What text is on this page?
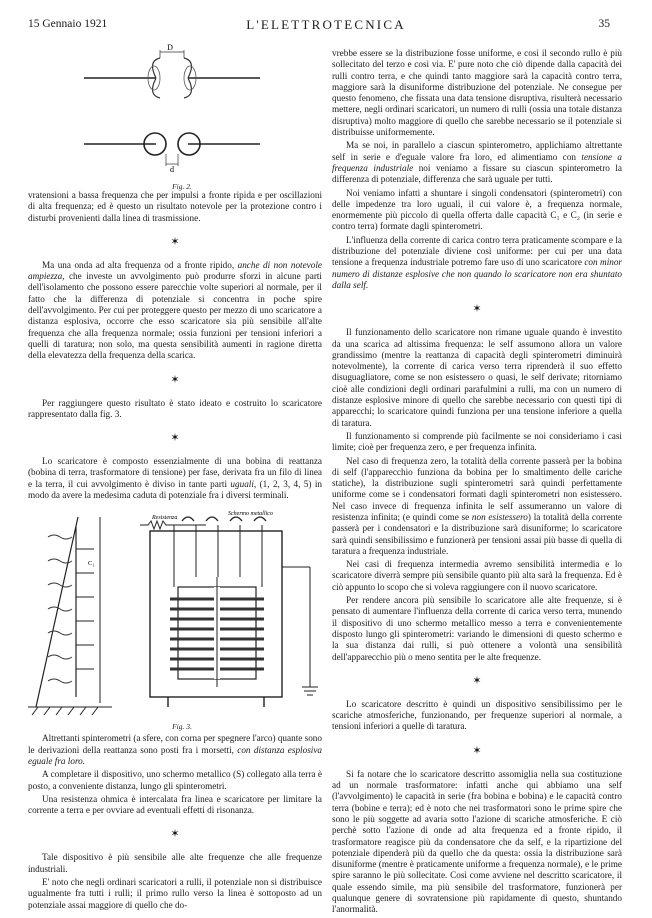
15 Gennaio 1921	L'ELETTROTECNICA	35
D
d

Fig. 2.

vratensioni a bassa frequenza che per impulsi a fronte ripida e per oscillazioni di alta frequenza; ed è questo un risultato notevole per la protezione contro i disturbi provenienti dalla linea di trasmissione.

✶

Ma una onda ad alta frequenza od a fronte ripido, anche di non notevole ampiezza, che investe un avvolgimento può produrre sforzi in alcune parti dell'isolamento che possono essere parecchie volte superiori al normale, per il fatto che la differenza di potenziale si concentra in poche spire dell'avvolgimento. Per cui per proteggere questo per mezzo di uno scaricatore a distanza esplosiva, occorre che esso scaricatore sia più sensibile all'alte frequenza che alla frequenza normale; ossia funzioni per tensioni inferiori a quelli di taratura; non solo, ma questa sensibilità aumenti in ragione diretta della elevatezza della frequenza della scarica.

✶

Per raggiungere questo risultato è stato ideato e costruito lo scaricatore rappresentato dalla fig. 3.

✶

Lo scaricatore è composto essenzialmente di una bobina di reattanza (bobina di terra, trasformatore di tensione) per fase, derivata fra un filo di linea e la terra, il cui avvolgimento è diviso in tante parti uguali, (1, 2, 3, 4, 5) in modo da avere la medesima caduta di potenziale fra i diversi terminali.

C₁
Resistenza
Schermo metallico

Fig. 3.

Altrettanti spinterometri (a sfere, con corna per spegnere l'arco) quante sono le derivazioni della reattanza sono posti fra i morsetti, con distanza esplosiva eguale fra loro.

A completare il dispositivo, uno schermo metallico (S) collegato alla terra è posto, a conveniente distanza, lungo gli spinterometri.

Una resistenza ohmica è intercalata fra linea e scaricatore per limitare la corrente a terra e per ovviare ad eventuali effetti di risonanza.

✶

Tale dispositivo è più sensibile alle alte frequenze che alle frequenze industriali.

E' noto che negli ordinari scaricatori a rulli, il potenziale non si distribuisce ugualmente fra tutti i rulli; il primo rullo verso la linea è sottoposto ad un potenziale assai maggiore di quello che do-

vrebbe essere se la distribuzione fosse uniforme, e così il secondo rullo è più sollecitato del terzo e così via. E' pure noto che ciò dipende dalla capacità dei rulli contro terra, e che quindi tanto maggiore sarà la capacità contro terra, maggiore sarà la disuniforme distribuzione del potenziale. Ne consegue per questo fenomeno, che fissata una data tensione disruptiva, risulterà necessario mettere, negli ordinari scaricatori, un numero di rulli (ossia una totale distanza disruptiva) molto maggiore di quello che sarebbe necessario se il potenziale si distribuisse uniformemente.

Ma se noi, in parallelo a ciascun spinterometro, applichiamo altrettante self in serie e d'eguale valore fra loro, ed alimentiamo con tensione a frequenza industriale noi veniamo a fissare su ciascun spinterometro la differenza di potenziale, differenza che sarà uguale per tutti.

Noi veniamo infatti a shuntare i singoli condensatori (spinterometri) con delle impedenze tra loro uguali, il cui valore è, a frequenza normale, enormemente più piccolo di quella offerta dalle capacità C₁ e C₂ (in serie e contro terra) formate dagli spinterometri.

L'influenza della corrente di carica contro terra praticamente scompare e la distribuzione del potenziale diviene così uniforme: per cui per una data tensione a frequenza industriale potremo fare uso di uno scaricatore con minor numero di distanze esplosive che non quando lo scaricatore non era shuntato dalla self.

✶

Il funzionamento dello scaricatore non rimane uguale quando è investito da una scarica ad altissima frequenza: le self assumono allora un valore grandissimo (mentre la reattanza di capacità degli spinterometri diminuirà notevolmente), la corrente di carica verso terra riprenderà il suo effetto disuguagliatore, come se non esistessero o quasi, le self derivate; ritorniamo cioè alle condizioni degli ordinari parafulmini a rulli, ma con un numero di distanze esplosive minore di quello che sarebbe necessario con questi tipi di apparecchi; lo scaricatore quindi funziona per una tensione inferiore a quella di taratura.

Il funzionamento si comprende più facilmente se noi consideriamo i casi limite; cioè per frequenza zero, e per frequenza infinita.

Nel caso di frequenza zero, la totalità della corrente passerà per la bobina di self (l'apparecchio funziona da bobina per lo smaltimento delle cariche statiche), la distribuzione sugli spinterometri sarà quindi perfettamente uniforme come se i condensatori formati dagli spinterometri non esistessero. Nel caso invece di frequenza infinita le self assumeranno un valore di resistenza infinita; (e quindi come se non esistessero) la totalità della corrente passerà per i condensatori e la distribuzione sarà disuniforme; lo scaricatore sarà quindi sensibilissimo e funzionerà per tensioni assai più basse di quella di taratura a frequenza industriale.

Nei casi di frequenza intermedia avremo sensibilità intermedia e lo scaricatore diverrà sempre più sensibile quanto più alta sarà la frequenza. Ed è ciò appunto lo scopo che si voleva raggiungere con il nuovo scaricatore.

Per rendere ancora più sensibile lo scaricatore alle alte frequenze, si è pensato di aumentare l'influenza della corrente di carica verso terra, munendo il dispositivo di uno schermo metallico messo a terra e convenientemente disposto lungo gli spinterometri: variando le dimensioni di questo schermo e la sua distanza dai rulli, si può ottenere a volontà una sensibilità dell'apparecchio più o meno sentita per le alte frequenze.

✶

Lo scaricatore descritto è quindi un dispositivo sensibilissimo per le scariche atmosferiche, funzionando, per frequenze superiori al normale, a tensioni inferiori a quelle di taratura.

✶

Si fa notare che lo scaricatore descritto assomiglia nella sua costituzione ad un normale trasformatore: infatti anche qui abbiamo una self (l'avvolgimento) le capacità in serie (fra bobina e bobina) e le capacità contro terra (bobine e terra); ed è noto che nei trasformatori sono le prime spire che sono le più soggette ad avaria sotto l'azione di scariche atmosferiche. E ciò perchè sotto l'azione di onde ad alta frequenza ed a fronte ripido, il trasformatore reagisce più da condensatore che da self, e la ripartizione del potenziale dipenderà più da quello che da questa: ossia la distribuzione sarà disuniforme (mentre è praticamente uniforme a frequenza normale), e le prime spire saranno le più sollecitate. Così come avviene nel descritto scaricatore, il quale essendo simile, ma più sensibile del trasformatore, funzionerà per qualunque genere di sovratensione più rapidamente di questo, shuntando l'anormalità.
